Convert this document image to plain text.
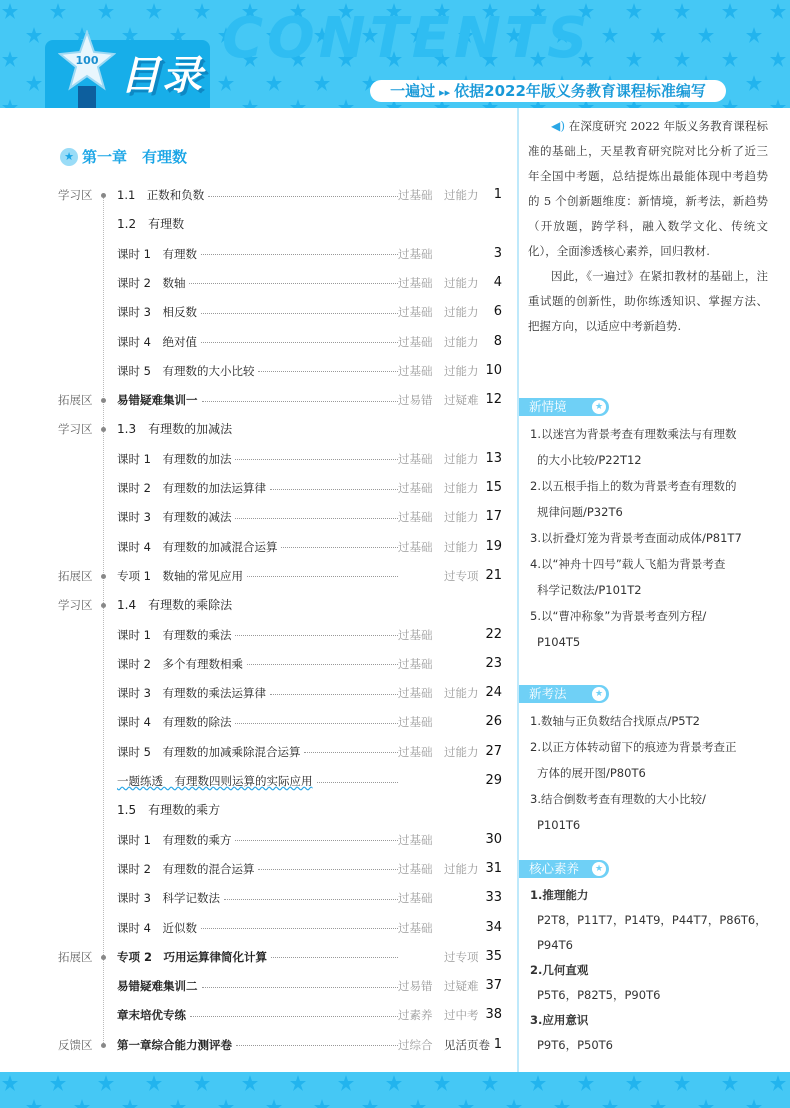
CONTENTS
100 目录	一遍过 ▸▸ 依据2022年版义务教育课程标准编写
★ 第一章　有理数
学习区 1.1　正数和负数	过基础 过能力 1
1.2　有理数
课时 1　有理数	过基础	3
课时 2　数轴	过基础 过能力 4
课时 3　相反数	过基础 过能力 6
课时 4　绝对值	过基础 过能力 8
课时 5　有理数的大小比较	过基础 过能力 10
拓展区 易错疑难集训一	过易错 过疑难 12
学习区 1.3　有理数的加减法
课时 1　有理数的加法	过基础 过能力 13
课时 2　有理数的加法运算律	过基础 过能力 15
课时 3　有理数的减法	过基础 过能力 17
课时 4　有理数的加减混合运算	过基础 过能力 19
拓展区 专项 1　数轴的常见应用	过专项 21
学习区 1.4　有理数的乘除法
课时 1　有理数的乘法	过基础	22
课时 2　多个有理数相乘	过基础	23
课时 3　有理数的乘法运算律	过基础 过能力 24
课时 4　有理数的除法	过基础	26
课时 5　有理数的加减乘除混合运算	过基础 过能力 27
一题练透　有理数四则运算的实际应用	29
1.5　有理数的乘方
课时 1　有理数的乘方	过基础	30
课时 2　有理数的混合运算	过基础 过能力 31
课时 3　科学记数法	过基础	33
课时 4　近似数	过基础	34
拓展区 专项 2　巧用运算律简化计算	过专项 35
易错疑难集训二	过易错 过疑难 37
章末培优专练	过素养 过中考 38
反馈区 第一章综合能力测评卷	过综合 见活页卷 1

◀) 在深度研究 2022 年版义务教育课程标准的基础上，天星教育研究院对比分析了近三年全国中考题，总结提炼出最能体现中考趋势的 5 个创新题维度：新情境，新考法，新趋势（开放题，跨学科，融入数学文化、传统文化），全面渗透核心素养，回归教材.

因此，《一遍过》在紧扣教材的基础上，注重试题的创新性，助你练透知识、掌握方法、把握方向，以适应中考新趋势.

新情境	★
1.以迷宫为背景考查有理数乘法与有理数
的大小比较/P22T12
2.以五根手指上的数为背景考查有理数的
规律问题/P32T6
3.以折叠灯笼为背景考查面动成体/P81T7
4.以“神舟十四号”载人飞船为背景考查
科学记数法/P101T2
5.以“曹冲称象”为背景考查列方程/
P104T5
新考法	★
1.数轴与正负数结合找原点/P5T2
2.以正方体转动留下的痕迹为背景考查正
方体的展开图/P80T6
3.结合倒数考查有理数的大小比较/
P101T6
核心素养	★
1.推理能力
P2T8，P11T7，P14T9，P44T7，P86T6，
P94T6
2.几何直观
P5T6，P82T5，P90T6
3.应用意识
P9T6，P50T6
